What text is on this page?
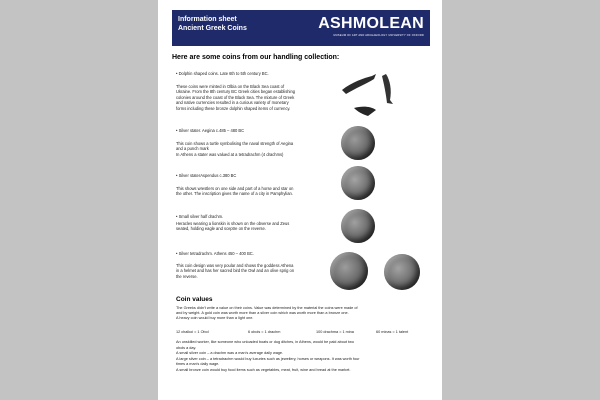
Information sheet
Ancient Greek Coins	ASHMOLEAN
MUSEUM OF ART AND ARCHAEOLOGY UNIVERSITY OF OXFORD
Here are some coins from our handling collection:
• Dolphin shaped coins. Late 6th to 5th century BC.
These coins were minted in Olbia on the Black Sea coast of
Ukraine. From the 8th century BC Greek cities began establishing
colonies around the coast of the Black Sea. The mixture of Greek
and native currencies resulted in a curious variety of monetary
forms including these bronze dolphin shaped items of currency.
• Silver stater. Aegina c.485 – 480 BC
This coin shows a turtle symbolising the naval strength of Aegina
and a punch mark
In Athens a stater was valued at a tetradrachm (4 drachms)
• Silver staterAspendus c.380 BC
This shows wrestlers on one side and part of a horse and star on
the other. The inscription gives the name of a city in Pamphylian.
• Small silver half drachm.
Heracles wearing a lionskin is shown on the obverse and Zeus
seated, holding eagle and sceptre on the reverse.
• Silver tetradrachm. Athens 450 – 400 BC.
This coin design was very poular and shows the goddess Athena
in a helmet and has her sacred bird the Owl and an olive sprig on
the reverse.
Coin values
The Greeks didn't write a value on their coins. Value was determined by the material the coins were made of
and by weight. A gold coin was worth more than a silver coin which was worth more than a bronze one.
A heavy coin would buy more than a light one.
12 chalkoi = 1 Obol	6 obols = 1 drachm	100 drachma = 1 mina	60 minas = 1 talent
An unskilled worker, like someone who unloaded boats or dug ditches, in Athens, would be paid about two
obols a day.
A small silver coin – a drachm was a man's average daily wage.
A large silver coin – a tetradrachm would buy luxuries such as jewellery, horses or weapons. It was worth four
times a man's daily wage.
A small bronze coin would buy food items such as vegetables, meat, fruit, wine and bread at the market.
